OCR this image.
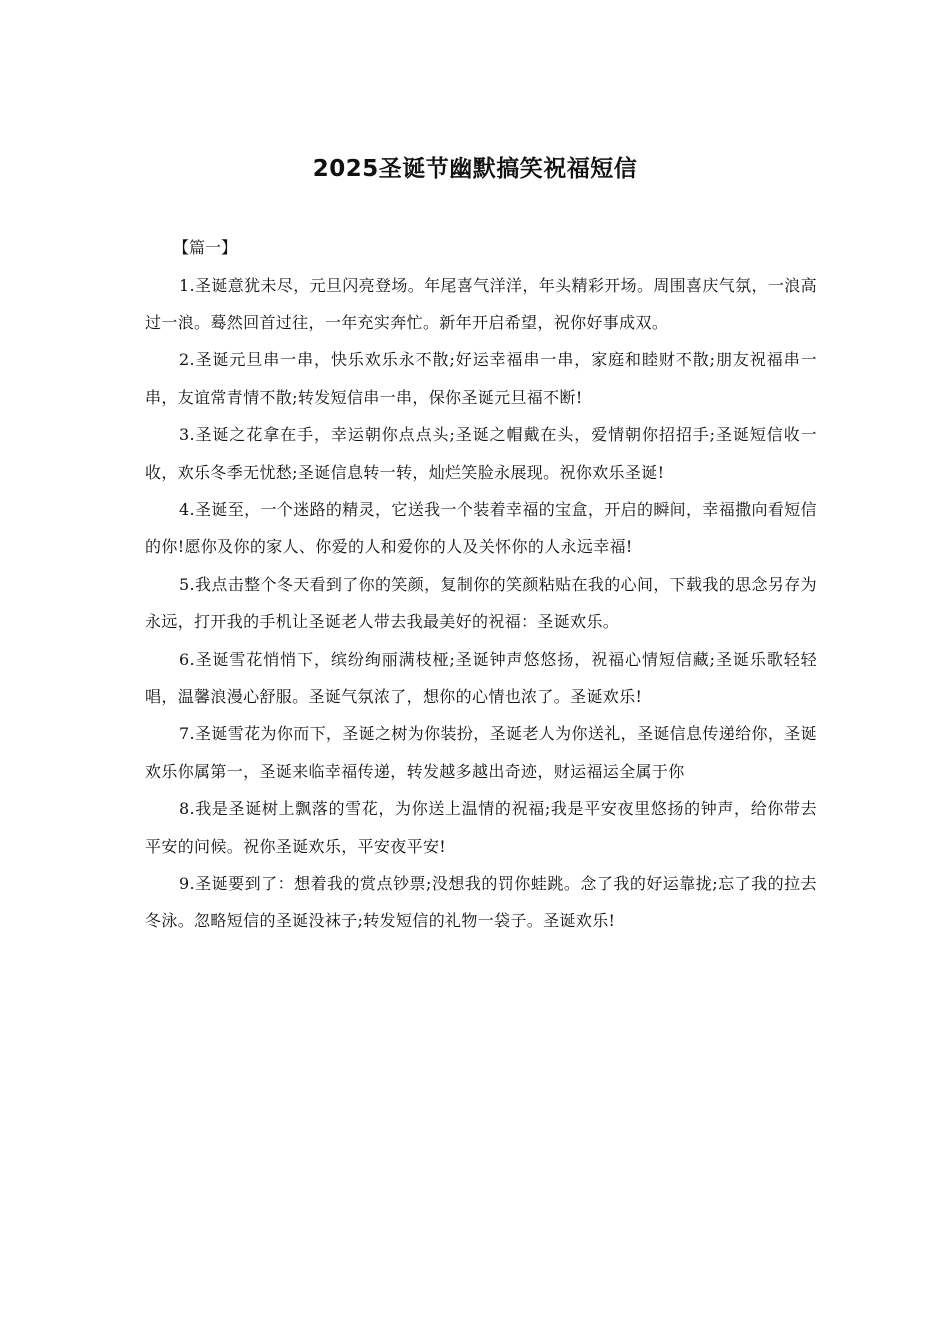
2025圣诞节幽默搞笑祝福短信

【篇一】

1.圣诞意犹未尽，元旦闪亮登场。年尾喜气洋洋，年头精彩开场。周围喜庆气氛，一浪高过一浪。蓦然回首过往，一年充实奔忙。新年开启希望，祝你好事成双。

2.圣诞元旦串一串，快乐欢乐永不散;好运幸福串一串，家庭和睦财不散;朋友祝福串一串，友谊常青情不散;转发短信串一串，保你圣诞元旦福不断!

3.圣诞之花拿在手，幸运朝你点点头;圣诞之帽戴在头，爱情朝你招招手;圣诞短信收一收，欢乐冬季无忧愁;圣诞信息转一转，灿烂笑脸永展现。祝你欢乐圣诞!

4.圣诞至，一个迷路的精灵，它送我一个装着幸福的宝盒，开启的瞬间，幸福撒向看短信的你!愿你及你的家人、你爱的人和爱你的人及关怀你的人永远幸福!

5.我点击整个冬天看到了你的笑颜，复制你的笑颜粘贴在我的心间，下载我的思念另存为永远，打开我的手机让圣诞老人带去我最美好的祝福：圣诞欢乐。

6.圣诞雪花悄悄下，缤纷绚丽满枝桠;圣诞钟声悠悠扬，祝福心情短信藏;圣诞乐歌轻轻唱，温馨浪漫心舒服。圣诞气氛浓了，想你的心情也浓了。圣诞欢乐!

7.圣诞雪花为你而下，圣诞之树为你装扮，圣诞老人为你送礼，圣诞信息传递给你，圣诞欢乐你属第一，圣诞来临幸福传递，转发越多越出奇迹，财运福运全属于你

8.我是圣诞树上飘落的雪花，为你送上温情的祝福;我是平安夜里悠扬的钟声，给你带去平安的问候。祝你圣诞欢乐，平安夜平安!

9.圣诞要到了：想着我的赏点钞票;没想我的罚你蛙跳。念了我的好运靠拢;忘了我的拉去冬泳。忽略短信的圣诞没袜子;转发短信的礼物一袋子。圣诞欢乐!
